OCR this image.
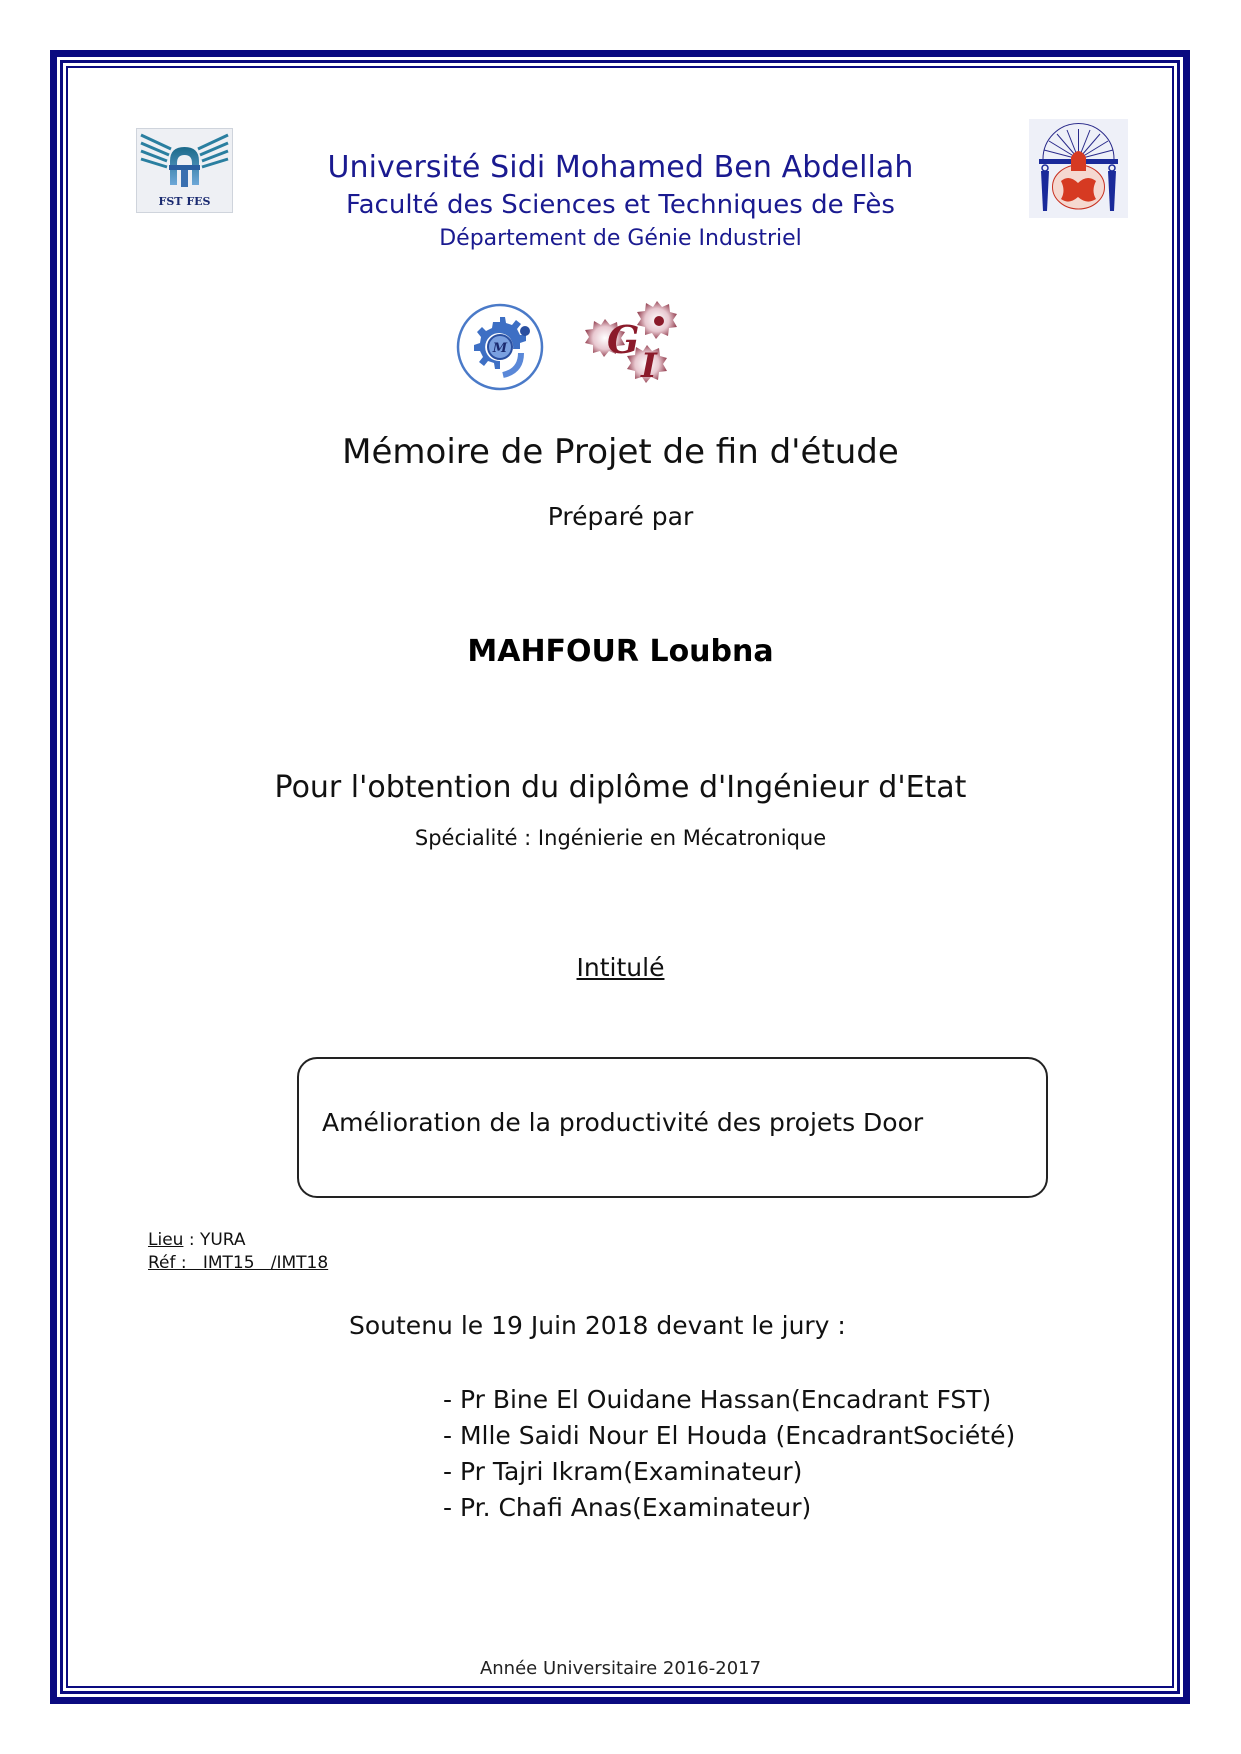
FST FES
M	G
I
Université Sidi Mohamed Ben Abdellah
Faculté des Sciences et Techniques de Fès
Département de Génie Industriel
Mémoire de Projet de fin d'étude
Préparé par
MAHFOUR Loubna
Pour l'obtention du diplôme d'Ingénieur d'Etat
Spécialité : Ingénierie en Mécatronique
Intitulé
Amélioration de la productivité des projets Door
Lieu : YURA
Réf :   IMT15   /IMT18
Soutenu le 19 Juin 2018 devant le jury :
- Pr Bine El Ouidane Hassan(Encadrant FST)
- Mlle Saidi Nour El Houda (EncadrantSociété)
- Pr Tajri Ikram(Examinateur)
- Pr. Chafi Anas(Examinateur)
Année Universitaire 2016-2017
